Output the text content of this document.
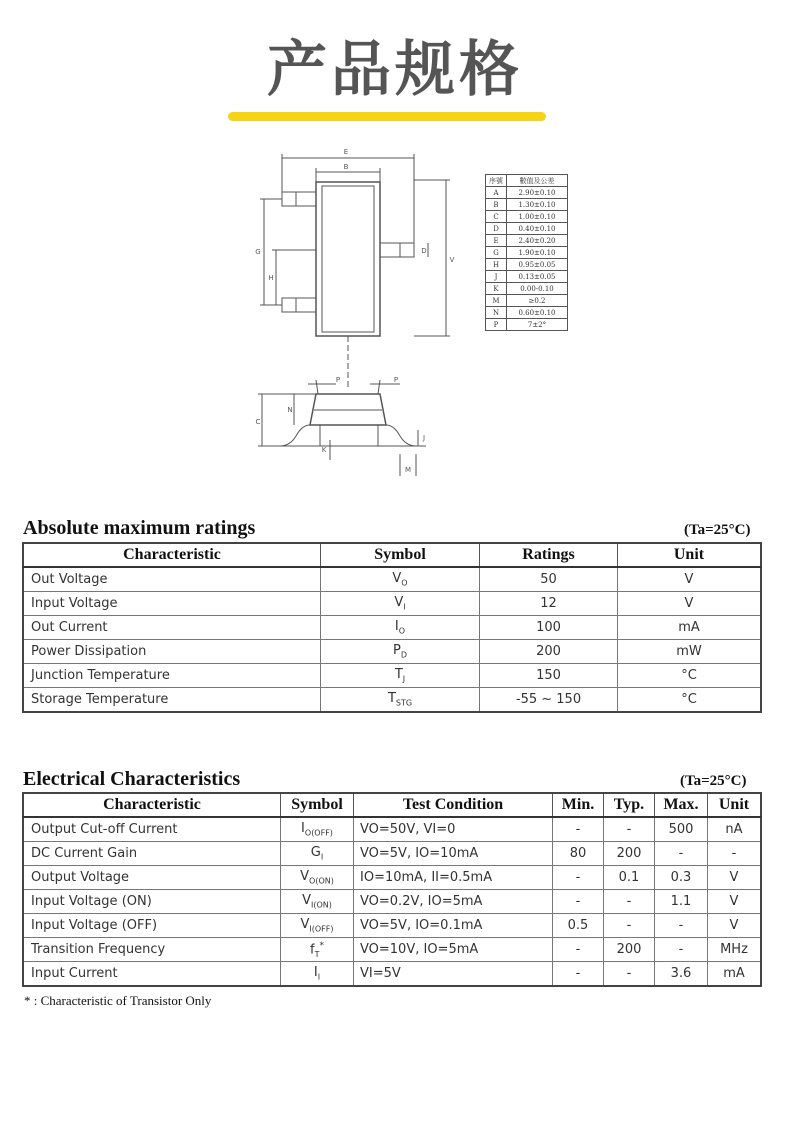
产品规格
E
B
G
H
D
V
P	P
N
C
K
J
M
序號	數值及公差
A	2.90±0.10
B	1.30±0.10
C	1.00±0.10
D	0.40±0.10
E	2.40±0.20
G	1.90±0.10
H	0.95±0.05
J	0.13±0.05
K	0.00-0.10
M	≥0.2
N	0.60±0.10
P	7±2°
Absolute maximum ratings	(Ta=25°C)
Characteristic	Symbol	Ratings	Unit
Out Voltage	$V_O$	50	V
Input Voltage	$V_I$	12	V
Out Current	$I_O$	100	mA
Power Dissipation	$P_D$	200	mW
Junction Temperature	$T_J$	150	°C
Storage Temperature	$T_{STG}$	-55 ~ 150	°C
Electrical Characteristics	(Ta=25°C)
Characteristic	Symbol	Test Condition	Min.	Typ.	Max.	Unit
Output Cut-off Current	$I_{O(OFF)}$	VO=50V, VI=0	-	-	500	nA
DC Current Gain	$G_I$	VO=5V, IO=10mA	80	200	-	-
Output Voltage	$V_{O(ON)}$	IO=10mA, II=0.5mA	-	0.1	0.3	V
Input Voltage (ON)	$V_{I(ON)}$	VO=0.2V, IO=5mA	-	-	1.1	V
Input Voltage (OFF)	$V_{I(OFF)}$	VO=5V, IO=0.1mA	0.5	-	-	V
Transition Frequency	$f_T^*$	VO=10V, IO=5mA	-	200	-	MHz
Input Current	$I_I$	VI=5V	-	-	3.6	mA
* : Characteristic of Transistor Only
